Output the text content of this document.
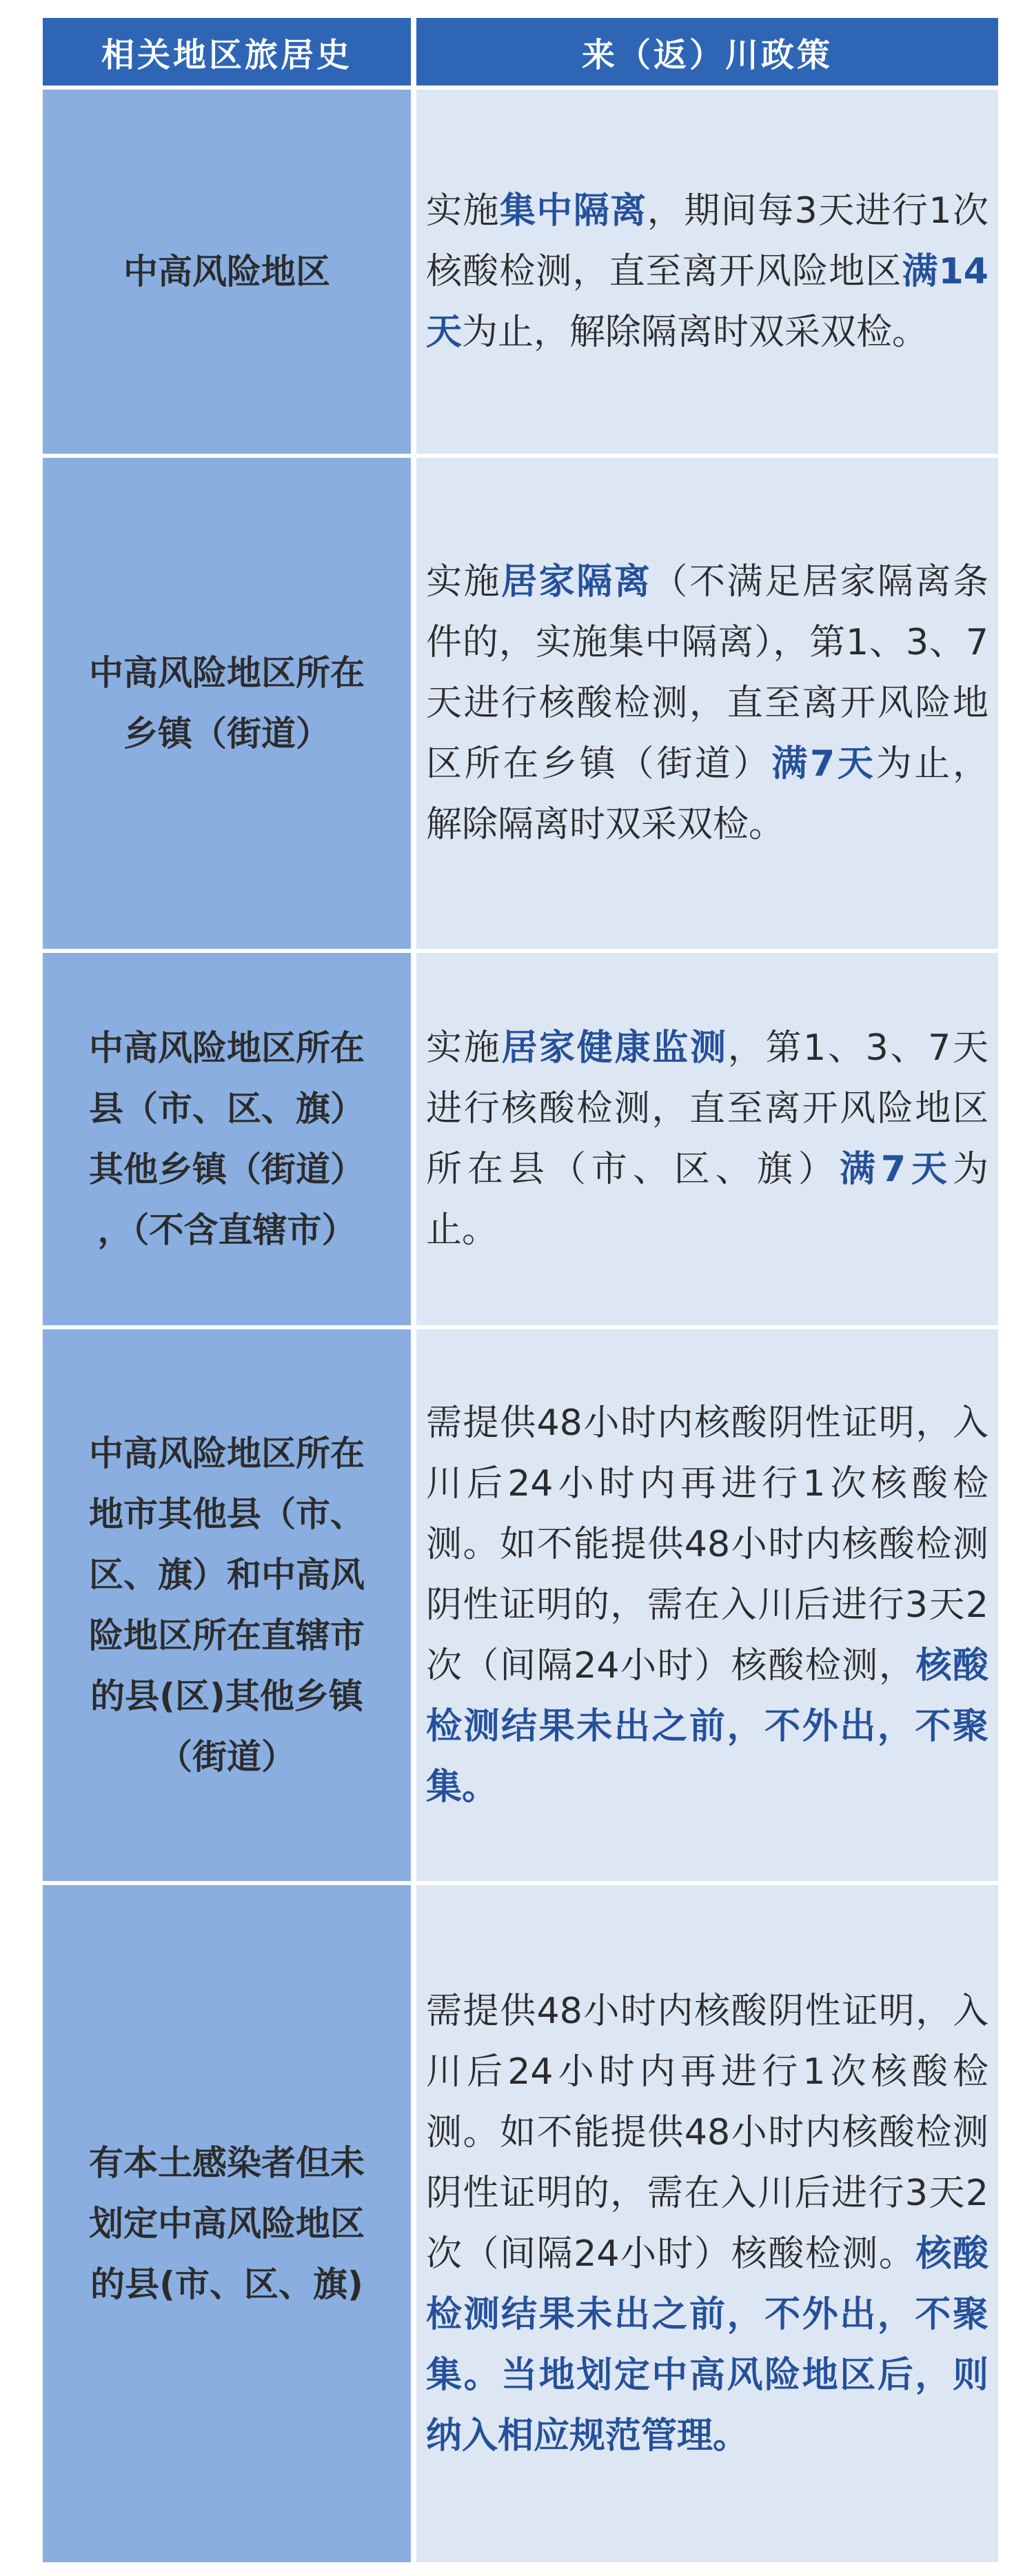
相关地区旅居史	来（返）川政策
中高风险地区

实施集中隔离，期间每3天进行1次核酸检测，直至离开风险地区满14天为止，解除隔离时双采双检。

中高风险地区所在
乡镇（街道）

实施居家隔离（不满足居家隔离条件的，实施集中隔离），第1、3、7天进行核酸检测，直至离开风险地区所在乡镇（街道）满7天为止，解除隔离时双采双检。

中高风险地区所在
县（市、区、旗）
其他乡镇（街道）
，（不含直辖市）

实施居家健康监测，第1、3、7天进行核酸检测，直至离开风险地区所在县（市、区、旗）满7天为止。

中高风险地区所在
地市其他县（市、
区、旗）和中高风
险地区所在直辖市
的县(区)其他乡镇
（街道）

需提供48小时内核酸阴性证明，入川后24小时内再进行1次核酸检测。如不能提供48小时内核酸检测阴性证明的，需在入川后进行3天2次（间隔24小时）核酸检测，核酸检测结果未出之前，不外出，不聚集。

有本土感染者但未
划定中高风险地区
的县(市、区、旗)

需提供48小时内核酸阴性证明，入川后24小时内再进行1次核酸检测。如不能提供48小时内核酸检测阴性证明的，需在入川后进行3天2次（间隔24小时）核酸检测。核酸检测结果未出之前，不外出，不聚集。当地划定中高风险地区后，则纳入相应规范管理。
